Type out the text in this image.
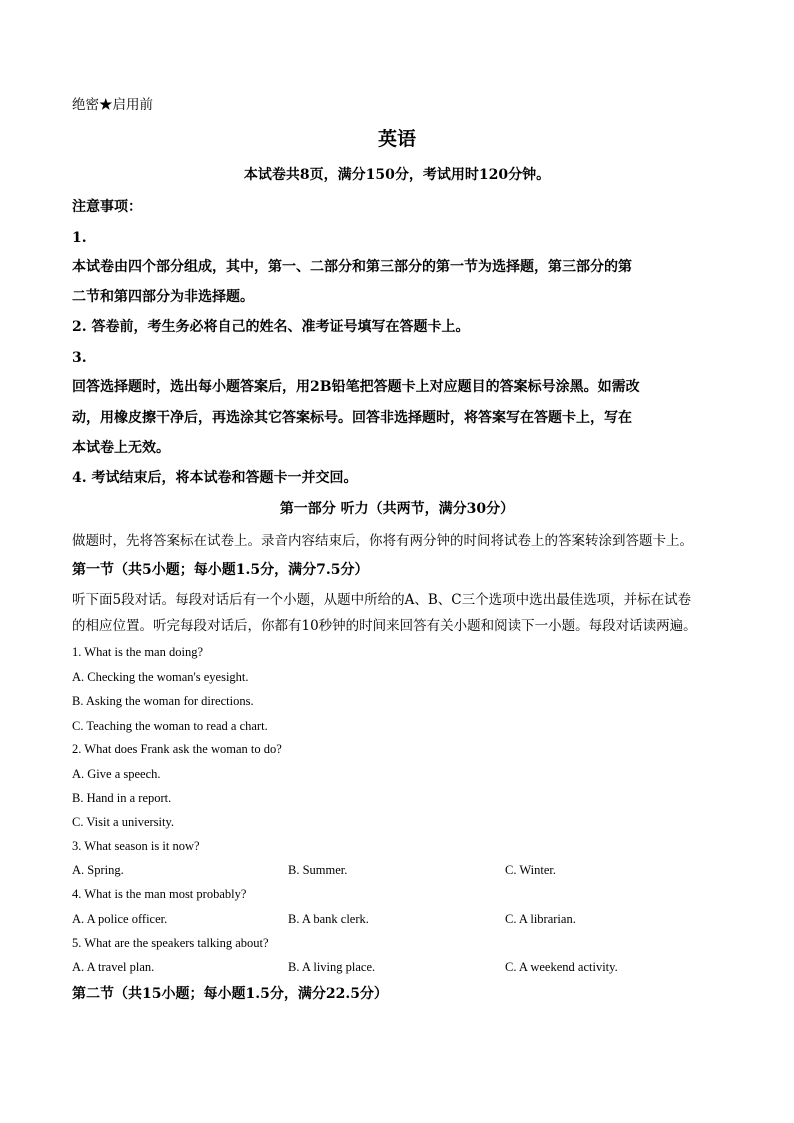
绝密★启用前
英语
本试卷共8页，满分150分，考试用时120分钟。
注意事项：
1.
本试卷由四个部分组成，其中，第一、二部分和第三部分的第一节为选择题，第三部分的第
二节和第四部分为非选择题。
2. 答卷前，考生务必将自己的姓名、准考证号填写在答题卡上。
3.
回答选择题时，选出每小题答案后，用2B铅笔把答题卡上对应题目的答案标号涂黑。如需改
动，用橡皮擦干净后，再选涂其它答案标号。回答非选择题时，将答案写在答题卡上，写在
本试卷上无效。
4. 考试结束后，将本试卷和答题卡一并交回。
第一部分 听力（共两节，满分30分）
做题时，先将答案标在试卷上。录音内容结束后，你将有两分钟的时间将试卷上的答案转涂到答题卡上。
第一节（共5小题；每小题1.5分，满分7.5分）
听下面5段对话。每段对话后有一个小题，从题中所给的A、B、C三个选项中选出最佳选项，并标在试卷
的相应位置。听完每段对话后，你都有10秒钟的时间来回答有关小题和阅读下一小题。每段对话读两遍。
1. What is the man doing?
A. Checking the woman's eyesight.
B. Asking the woman for directions.
C. Teaching the woman to read a chart.
2. What does Frank ask the woman to do?
A. Give a speech.
B. Hand in a report.
C. Visit a university.
3. What season is it now?
A. Spring.	B. Summer.	C. Winter.
4. What is the man most probably?
A. A police officer.	B. A bank clerk.	C. A librarian.
5. What are the speakers talking about?
A. A travel plan.	B. A living place.	C. A weekend activity.
第二节（共15小题；每小题1.5分，满分22.5分）
